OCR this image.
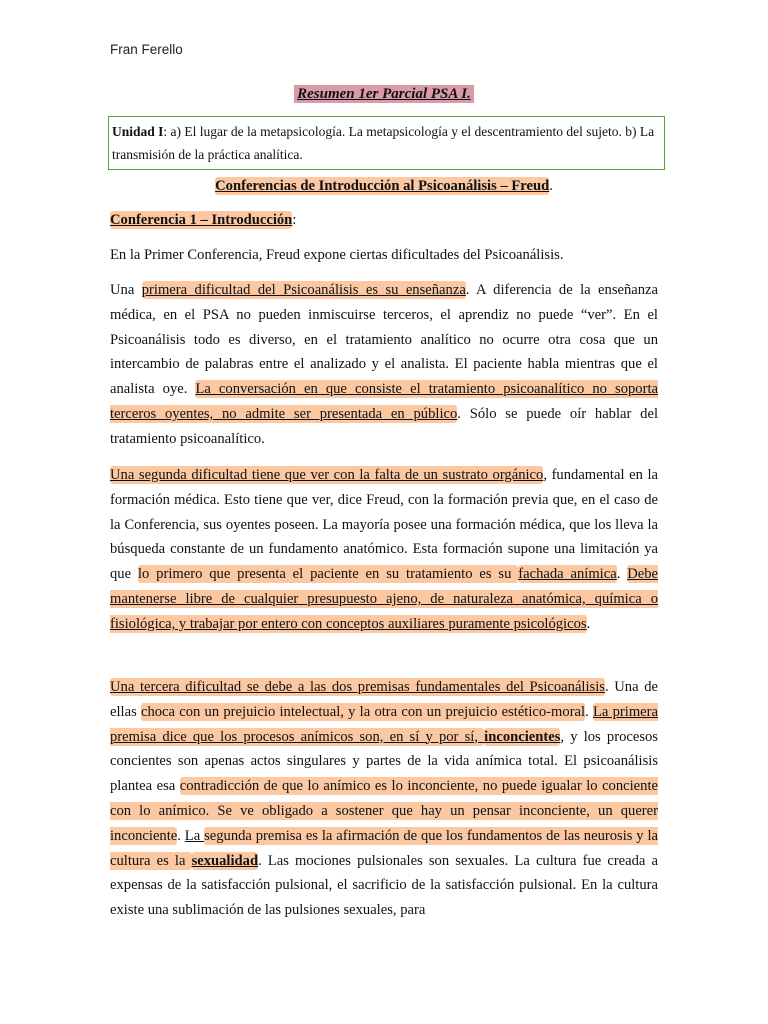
Fran Ferello
Resumen 1er Parcial PSA I.
Unidad I: a) El lugar de la metapsicología. La metapsicología y el descentramiento del sujeto. b) La transmisión de la práctica analítica.
Conferencias de Introducción al Psicoanálisis – Freud.
Conferencia 1 – Introducción:
En la Primer Conferencia, Freud expone ciertas dificultades del Psicoanálisis.
Una primera dificultad del Psicoanálisis es su enseñanza. A diferencia de la enseñanza médica, en el PSA no pueden inmiscuirse terceros, el aprendiz no puede “ver”. En el Psicoanálisis todo es diverso, en el tratamiento analítico no ocurre otra cosa que un intercambio de palabras entre el analizado y el analista. El paciente habla mientras que el analista oye. La conversación en que consiste el tratamiento psicoanalítico no soporta terceros oyentes, no admite ser presentada en público. Sólo se puede oír hablar del tratamiento psicoanalítico.
Una segunda dificultad tiene que ver con la falta de un sustrato orgánico, fundamental en la formación médica. Esto tiene que ver, dice Freud, con la formación previa que, en el caso de la Conferencia, sus oyentes poseen. La mayoría posee una formación médica, que los lleva la búsqueda constante de un fundamento anatómico. Esta formación supone una limitación ya que lo primero que presenta el paciente en su tratamiento es su fachada anímica. Debe mantenerse libre de cualquier presupuesto ajeno, de naturaleza anatómica, química o fisiológica, y trabajar por entero con conceptos auxiliares puramente psicológicos.
Una tercera dificultad se debe a las dos premisas fundamentales del Psicoanálisis. Una de ellas choca con un prejuicio intelectual, y la otra con un prejuicio estético-moral. La primera premisa dice que los procesos anímicos son, en sí y por sí, inconcientes, y los procesos concientes son apenas actos singulares y partes de la vida anímica total. El psicoanálisis plantea esa contradicción de que lo anímico es lo inconciente, no puede igualar lo conciente con lo anímico. Se ve obligado a sostener que hay un pensar inconciente, un querer inconciente. La segunda premisa es la afirmación de que los fundamentos de las neurosis y la cultura es la sexualidad. Las mociones pulsionales son sexuales. La cultura fue creada a expensas de la satisfacción pulsional, el sacrificio de la satisfacción pulsional. En la cultura existe una sublimación de las pulsiones sexuales, para
